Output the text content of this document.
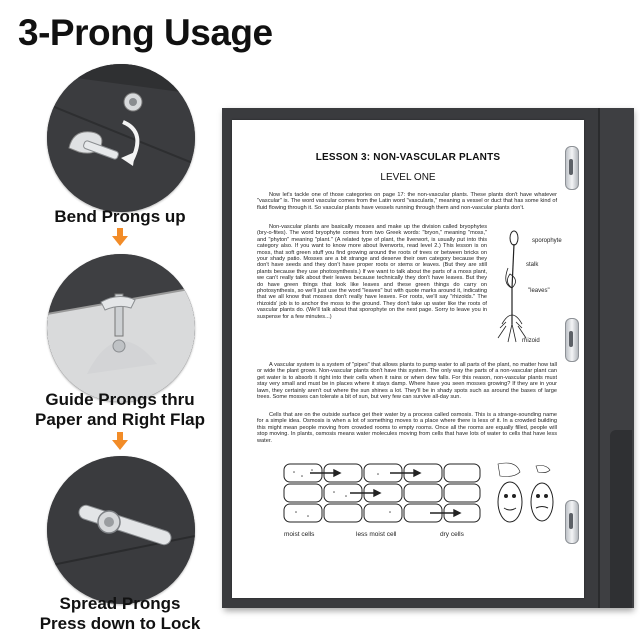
3-Prong Usage
Bend Prongs up
Guide Prongs thru
Paper and Right Flap
Spread Prongs
Press down to Lock
LESSON 3: NON-VASCULAR PLANTS
LEVEL ONE
Now let's tackle one of those categories on page 17: the non-vascular plants. These plants don't have whatever "vascular" is. The word vascular comes from the Latin word "vascularis," meaning a vessel or duct that has some kind of fluid flowing through it. So vascular plants have vessels running through them and non-vascular plants don't.
Non-vascular plants are basically mosses and make up the division called bryophytes (bry-o-fites). The word bryophyte comes from two Greek words: "bryon," meaning "moss," and "phyton" meaning "plant." (A related type of plant, the liverwort, is usually put into this category also. If you want to know more about liverworts, read level 2.) This lesson is on moss, that soft green stuff you find growing around the roots of trees or between bricks on your shady patio. Mosses are a bit strange and deserve their own category because they don't have seeds and they don't have proper roots or stems or leaves. (But they are still plants because they use photosynthesis.) If we want to talk about the parts of a moss plant, we can't really talk about their leaves because technically they don't have leaves. But they do have green things that look like leaves and these green things do carry on photosynthesis, so we'll just use the word "leaves" but with quote marks around it, indicating that we all know that mosses don't really have leaves. For roots, we'll say "rhizoids." The rhizoids' job is to anchor the moss to the ground. They don't take up water like the roots of vascular plants do. (We'll talk about that sporophyte on the next page. Sorry to leave you in suspense for a few minutes...)
A vascular system is a system of "pipes" that allows plants to pump water to all parts of the plant, no matter how tall or wide the plant grows. Non-vascular plants don't have this system. The only way the parts of a non-vascular plant can get water is to absorb it right into their cells when it rains or when dew falls. For this reason, non-vascular plants must stay very small and must be in places where it stays damp. Where have you seen mosses growing? If they are in your lawn, they certainly aren't out where the sun shines a lot. They'll be in shady spots such as around the bases of large trees. Some mosses can tolerate a bit of sun, but very few can survive all-day sun.
Cells that are on the outside surface get their water by a process called osmosis. This is a strange-sounding name for a simple idea. Osmosis is when a lot of something moves to a place where there is less of it. In a crowded building this might mean people moving from crowded rooms to empty rooms. Once all the rooms are equally filled, people will stop moving. In plants, osmosis means water molecules moving from cells that have lots of water to cells that have less water.
sporophyte
stalk
"leaves"
rhizoid
moist cells	less moist cell	dry cells
